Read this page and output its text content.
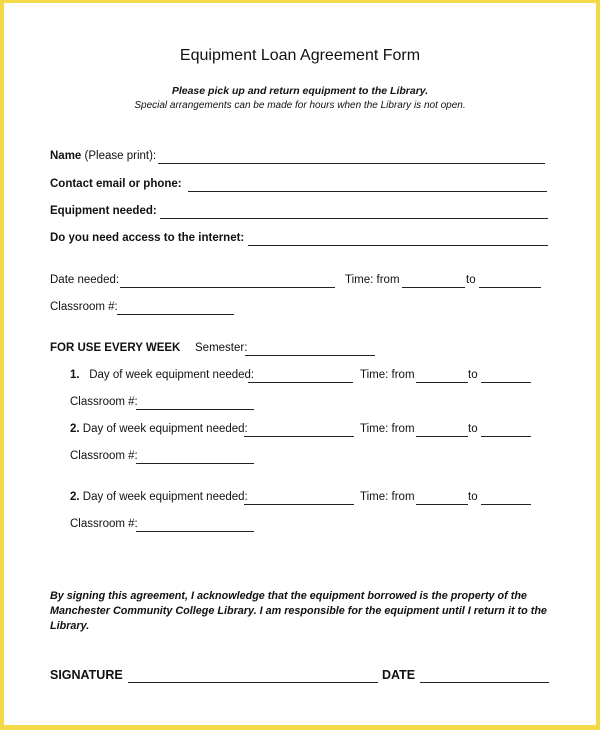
Equipment Loan Agreement Form
Please pick up and return equipment to the Library.
Special arrangements can be made for hours when the Library is not open.
Name (Please print):
Contact email or phone:
Equipment needed:
Do you need access to the internet:
Date needed:	Time: from	to
Classroom #:
FOR USE EVERY WEEK Semester:
1. Day of week equipment needed:	Time: from	to
Classroom #:
2. Day of week equipment needed:	Time: from	to
Classroom #:
2. Day of week equipment needed:	Time: from	to
Classroom #:
By signing this agreement, I acknowledge that the equipment borrowed is the property of the Manchester Community College Library. I am responsible for the equipment until I return it to the Library.
SIGNATURE	DATE
